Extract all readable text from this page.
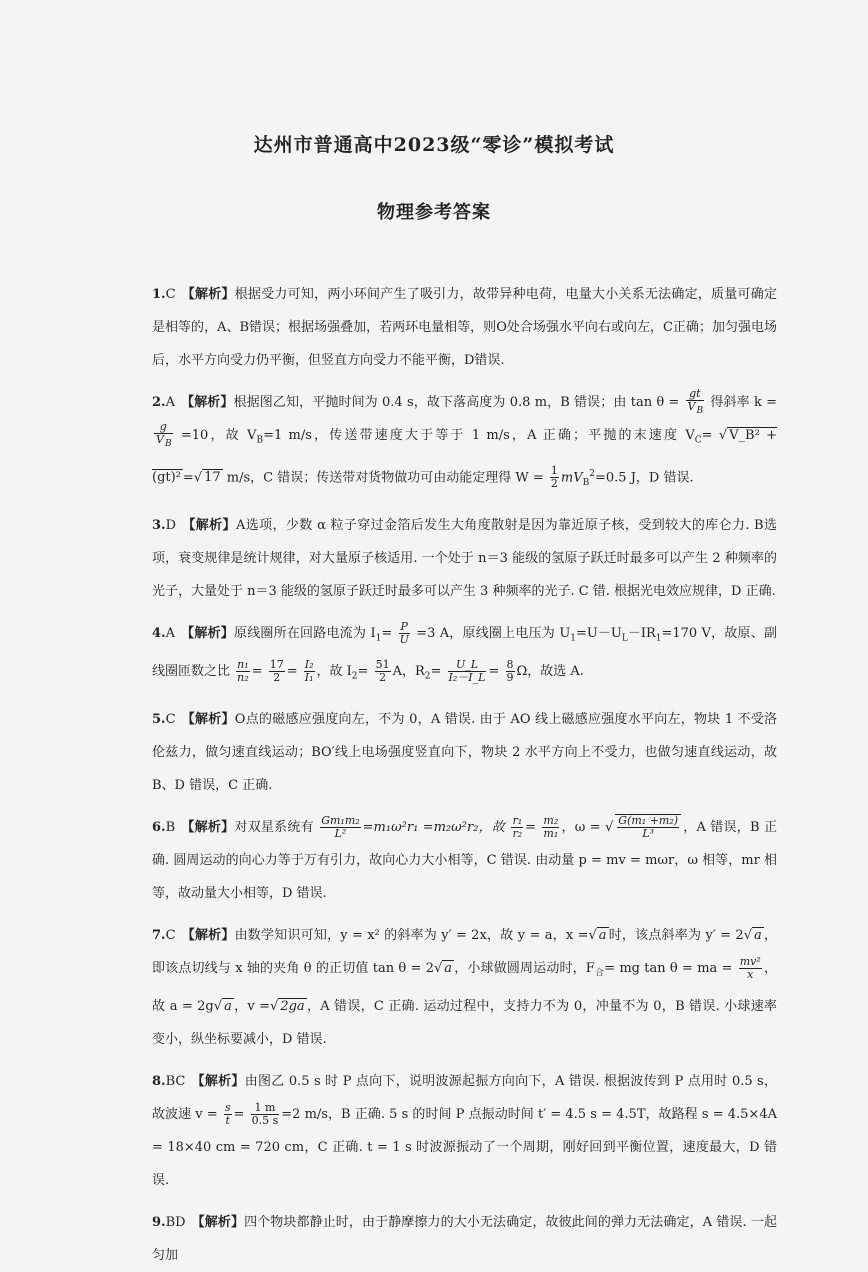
达州市普通高中2023级“零诊”模拟考试
物理参考答案

1.C 【解析】根据受力可知，两小环间产生了吸引力，故带异种电荷，电量大小关系无法确定，质量可确定是相等的，A、B错误；根据场强叠加，若两环电量相等，则O处合场强水平向右或向左，C正确；加匀强电场后，水平方向受力仍平衡，但竖直方向受力不能平衡，D错误.

2.A 【解析】根据图乙知，平抛时间为 0.4 s，故下落高度为 0.8 m，B 错误；由 $\tan \theta = \frac{gt}{V_B}$ 得斜率 k =
$\frac{g}{V_B} =10$，故 $V_B=1$ m/s，传送带速度大于等于 1 m/s，A 正确；平抛的末速度 $V_C=$ √ V_B² + (gt)² =√ 17 m/s，C 错误；传送带对货物做功可由动能定理得 $W = \frac{1}{2} mV_B^2=0.5$ J，D 错误.

3.D 【解析】A选项，少数 α 粒子穿过金箔后发生大角度散射是因为靠近原子核，受到较大的库仑力. B选项，衰变规律是统计规律，对大量原子核适用. 一个处于 n＝3 能级的氢原子跃迁时最多可以产生 2 种频率的光子，大量处于 n＝3 能级的氢原子跃迁时最多可以产生 3 种频率的光子. C 错. 根据光电效应规律，D 正确.

4.A 【解析】原线圈所在回路电流为 $I_1= \frac{P}{U} =3$ A，原线圈上电压为 $U_1=U-U_L-IR_1=170$ V，故原、副线圈匝数之比 $\frac{\text{n₁}}{\text{n₂}} = \frac{17}{2} = \frac{\text{I₂}}{\text{I₁}}$ ，故 $I_2= \frac{51}{2}$ A，$R_2= \frac{U\_L}{\text{I₂－I\_L}} = \frac{8}{9}$ Ω，故选 A.

5.C 【解析】O点的磁感应强度向左，不为 0，A 错误. 由于 AO 线上磁感应强度水平向左，物块 1 不受洛伦兹力，做匀速直线运动；BO′线上电场强度竖直向下，物块 2 水平方向上不受力，也做匀速直线运动，故 B、D 错误，C 正确.

6.B 【解析】对双星系统有 $\frac{\text{Gm₁m₂}}{\text{L²}} =m_1\omega^2r_1 =m_2\omega^2r_2$，故 $\frac{\text{r₁}}{\text{r₂}} = \frac{\text{m₂}}{\text{m₁}}$ ，ω = √ $\frac{\text{G(m₁ +m₂)}}{\text{L³}}$ ，A 错误，B 正确. 圆周运动的向心力等于万有引力，故向心力大小相等，C 错误. 由动量 p = mv = mωr，ω 相等，mr 相等，故动量大小相等，D 错误.

7.C 【解析】由数学知识可知，y = x² 的斜率为 y′ = 2x，故 y = a，x =√ a 时，该点斜率为 y′ = 2√ a ，即该点切线与 x 轴的夹角 θ 的正切值 tan θ = 2√ a ，小球做圆周运动时，$F_合=$ mg tan θ = ma = $\frac{\text{mv²}}{x}$ ，故 a = 2g√ a ，v =√ 2ga ，A 错误，C 正确. 运动过程中，支持力不为 0，冲量不为 0，B 错误. 小球速率变小，纵坐标要减小，D 错误.

8.BC 【解析】由图乙 0.5 s 时 P 点向下，说明波源起振方向向下，A 错误. 根据波传到 P 点用时 0.5 s，故波速 $v = \frac{s}{t} = \frac{1 m}{0.5 s} =2$ m/s，B 正确. 5 s 的时间 P 点振动时间 t′ = 4.5 s = 4.5T，故路程 s = 4.5×4A = 18×40 cm = 720 cm，C 正确. t = 1 s 时波源振动了一个周期，刚好回到平衡位置，速度最大，D 错误.

9.BD 【解析】四个物块都静止时，由于静摩擦力的大小无法确定，故彼此间的弹力无法确定，A 错误. 一起匀加
